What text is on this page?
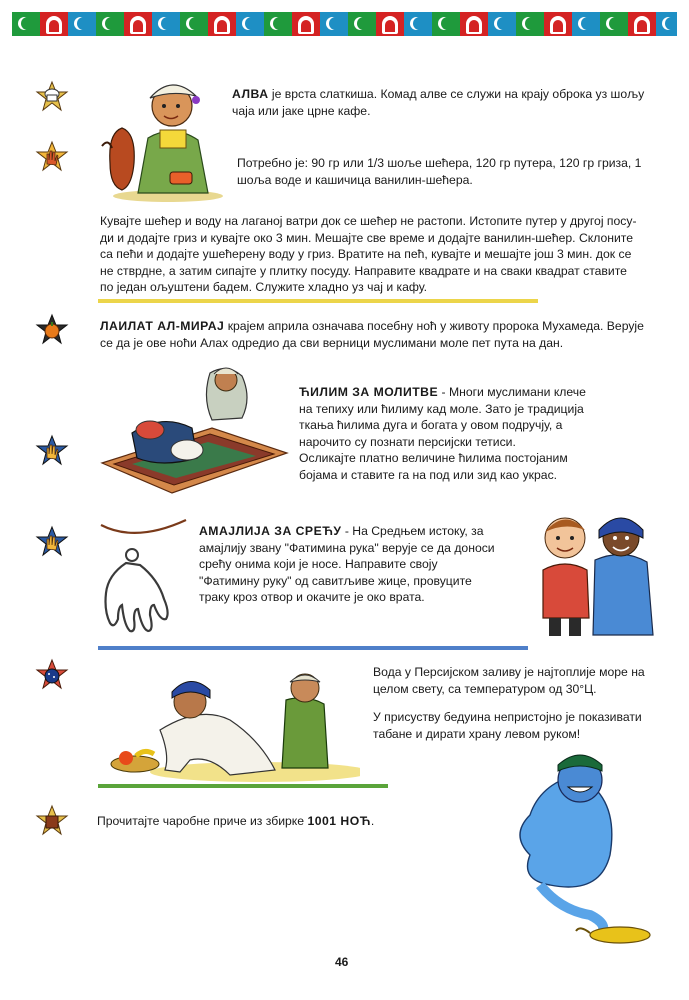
АЛВА је врста слаткиша. Комад алве се служи на крају оброка уз шољу чаја или јаке црне кафе.
Потребно је: 90 гр или 1/3 шоље шећера, 120 гр путера, 120 гр гриза, 1 шоља воде и кашичица ванилин-шећера.
Кувајте шећер и воду на лаганој ватри док се шећер не растопи. Истопите путер у другој посу-
ди и додајте гриз и кувајте око 3 мин. Мешајте све време и додајте ванилин-шећер. Склоните
са пећи и додајте ушећерену воду у гриз. Вратите на пећ, кувајте и мешајте још 3 мин. док се
не стврдне, а затим сипајте у плитку посуду. Направите квадрате и на сваки квадрат ставите
по један ољуштени бадем. Служите хладно уз чај и кафу.
ЛАИЛАТ АЛ-МИРАЈ крајем априла означава посебну ноћ у животу пророка Мухамеда. Верује
се да је ове ноћи Алах одредио да сви верници муслимани моле пет пута на дан.
ЋИЛИМ ЗА МОЛИТВЕ - Многи муслимани клече
на тепиху или ћилиму кад моле. Зато је традиција
ткања ћилима дуга и богата у овом подручју, а
нарочито су познати персијски тетиси.
Осликајте платно величине ћилима постојаним
бојама и ставите га на под или зид као украс.
АМАЈЛИЈА ЗА СРЕЋУ - На Средњем истоку, за
амајлију звану "Фатимина рука" верује се да доноси
срећу онима који је носе. Направите своју
"Фатимину руку" од савитљиве жице, провуците
траку кроз отвор и окачите је око врата.
Вода у Персијском заливу је најтоплије море на
целом свету, са температуром од 30°Ц.
У присуству бедуина непристојно је показивати
табане и дирати храну левом руком!
Прочитајте чаробне приче из збирке 1001 НОЋ.
46
